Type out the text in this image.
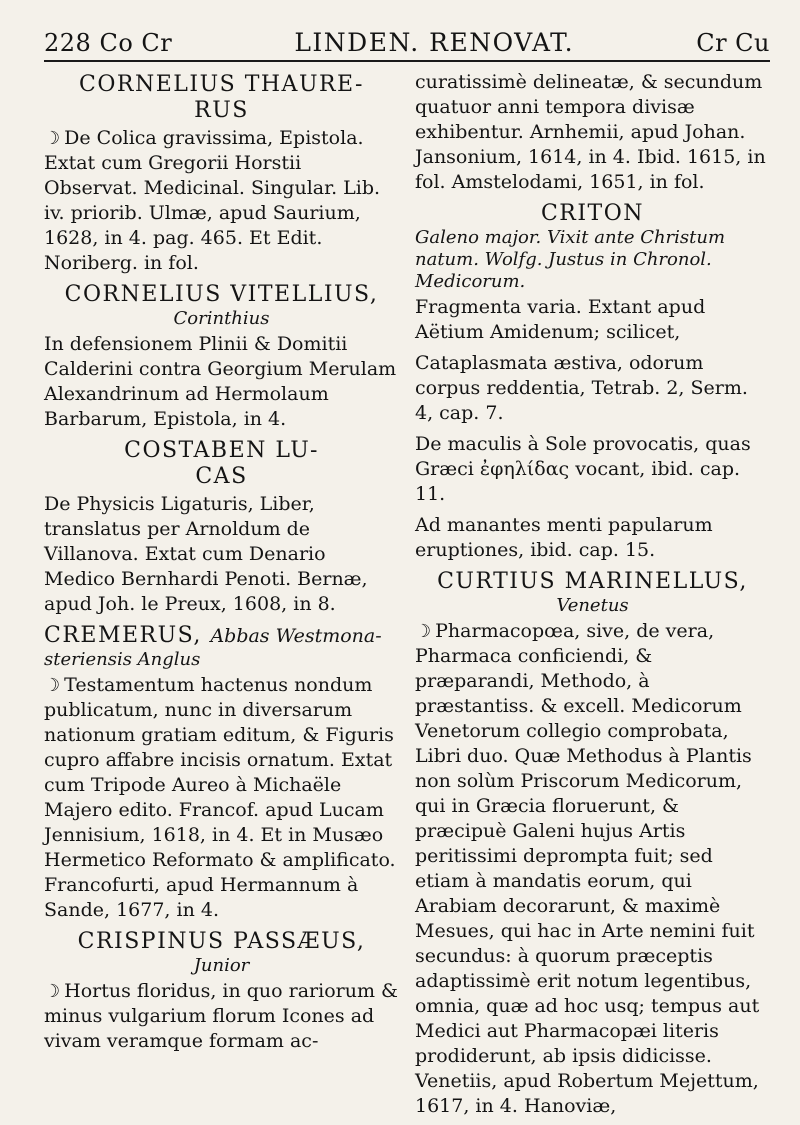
228 Co Cr	LINDEN. RENOVAT.	Cr Cu
CORNELIUS THAURE-
RUS
☽ De Colica gravissima, Epistola. Extat cum Gregorii Horstii Observat. Medicinal. Singular. Lib. iv. priorib. Ulmæ, apud Saurium, 1628, in 4. pag. 465. Et Edit. Noriberg. in fol.
CORNELIUS VITELLIUS,
Corinthius
In defensionem Plinii & Domitii Calderini contra Georgium Merulam Alexandrinum ad Hermolaum Barbarum, Epistola, in 4.
COSTABEN LU-
CAS
De Physicis Ligaturis, Liber, translatus per Arnoldum de Villanova. Extat cum Denario Medico Bernhardi Penoti. Bernæ, apud Joh. le Preux, 1608, in 8.
CREMERUS, Abbas Westmona-
steriensis Anglus
☽ Testamentum hactenus nondum publicatum, nunc in diversarum nationum gratiam editum, & Figuris cupro affabre incisis ornatum. Extat cum Tripode Aureo à Michaële Majero edito. Francof. apud Lucam Jennisium, 1618, in 4. Et in Musæo Hermetico Reformato & amplificato. Francofurti, apud Hermannum à Sande, 1677, in 4.
CRISPINUS PASSÆUS,
Junior
☽ Hortus floridus, in quo rariorum & minus vulgarium florum Icones ad vivam veramque formam ac-
curatissimè delineatæ, & secundum quatuor anni tempora divisæ exhibentur. Arnhemii, apud Johan. Jansonium, 1614, in 4. Ibid. 1615, in fol. Amstelodami, 1651, in fol.
CRITON
Galeno major. Vixit ante Christum natum. Wolfg. Justus in Chronol. Medicorum.
Fragmenta varia. Extant apud Aëtium Amidenum; scilicet,
Cataplasmata æstiva, odorum corpus reddentia, Tetrab. 2, Serm. 4, cap. 7.
De maculis à Sole provocatis, quas Græci ἐφηλίδας vocant, ibid. cap. 11.
Ad manantes menti papularum eruptiones, ibid. cap. 15.
CURTIUS MARINELLUS,
Venetus
☽ Pharmacopœa, sive, de vera, Pharmaca conficiendi, & præparandi, Methodo, à præstantiss. & excell. Medicorum Venetorum collegio comprobata, Libri duo. Quæ Methodus à Plantis non solùm Priscorum Medicorum, qui in Græcia floruerunt, & præcipuè Galeni hujus Artis peritissimi deprompta fuit; sed etiam à mandatis eorum, qui Arabiam decorarunt, & maximè Mesues, qui hac in Arte nemini fuit secundus: à quorum præceptis adaptissimè erit notum legentibus, omnia, quæ ad hoc usq; tempus aut Medici aut Pharmacopæi literis prodiderunt, ab ipsis didicisse. Venetiis, apud Robertum Mejettum, 1617, in 4. Hanoviæ,
